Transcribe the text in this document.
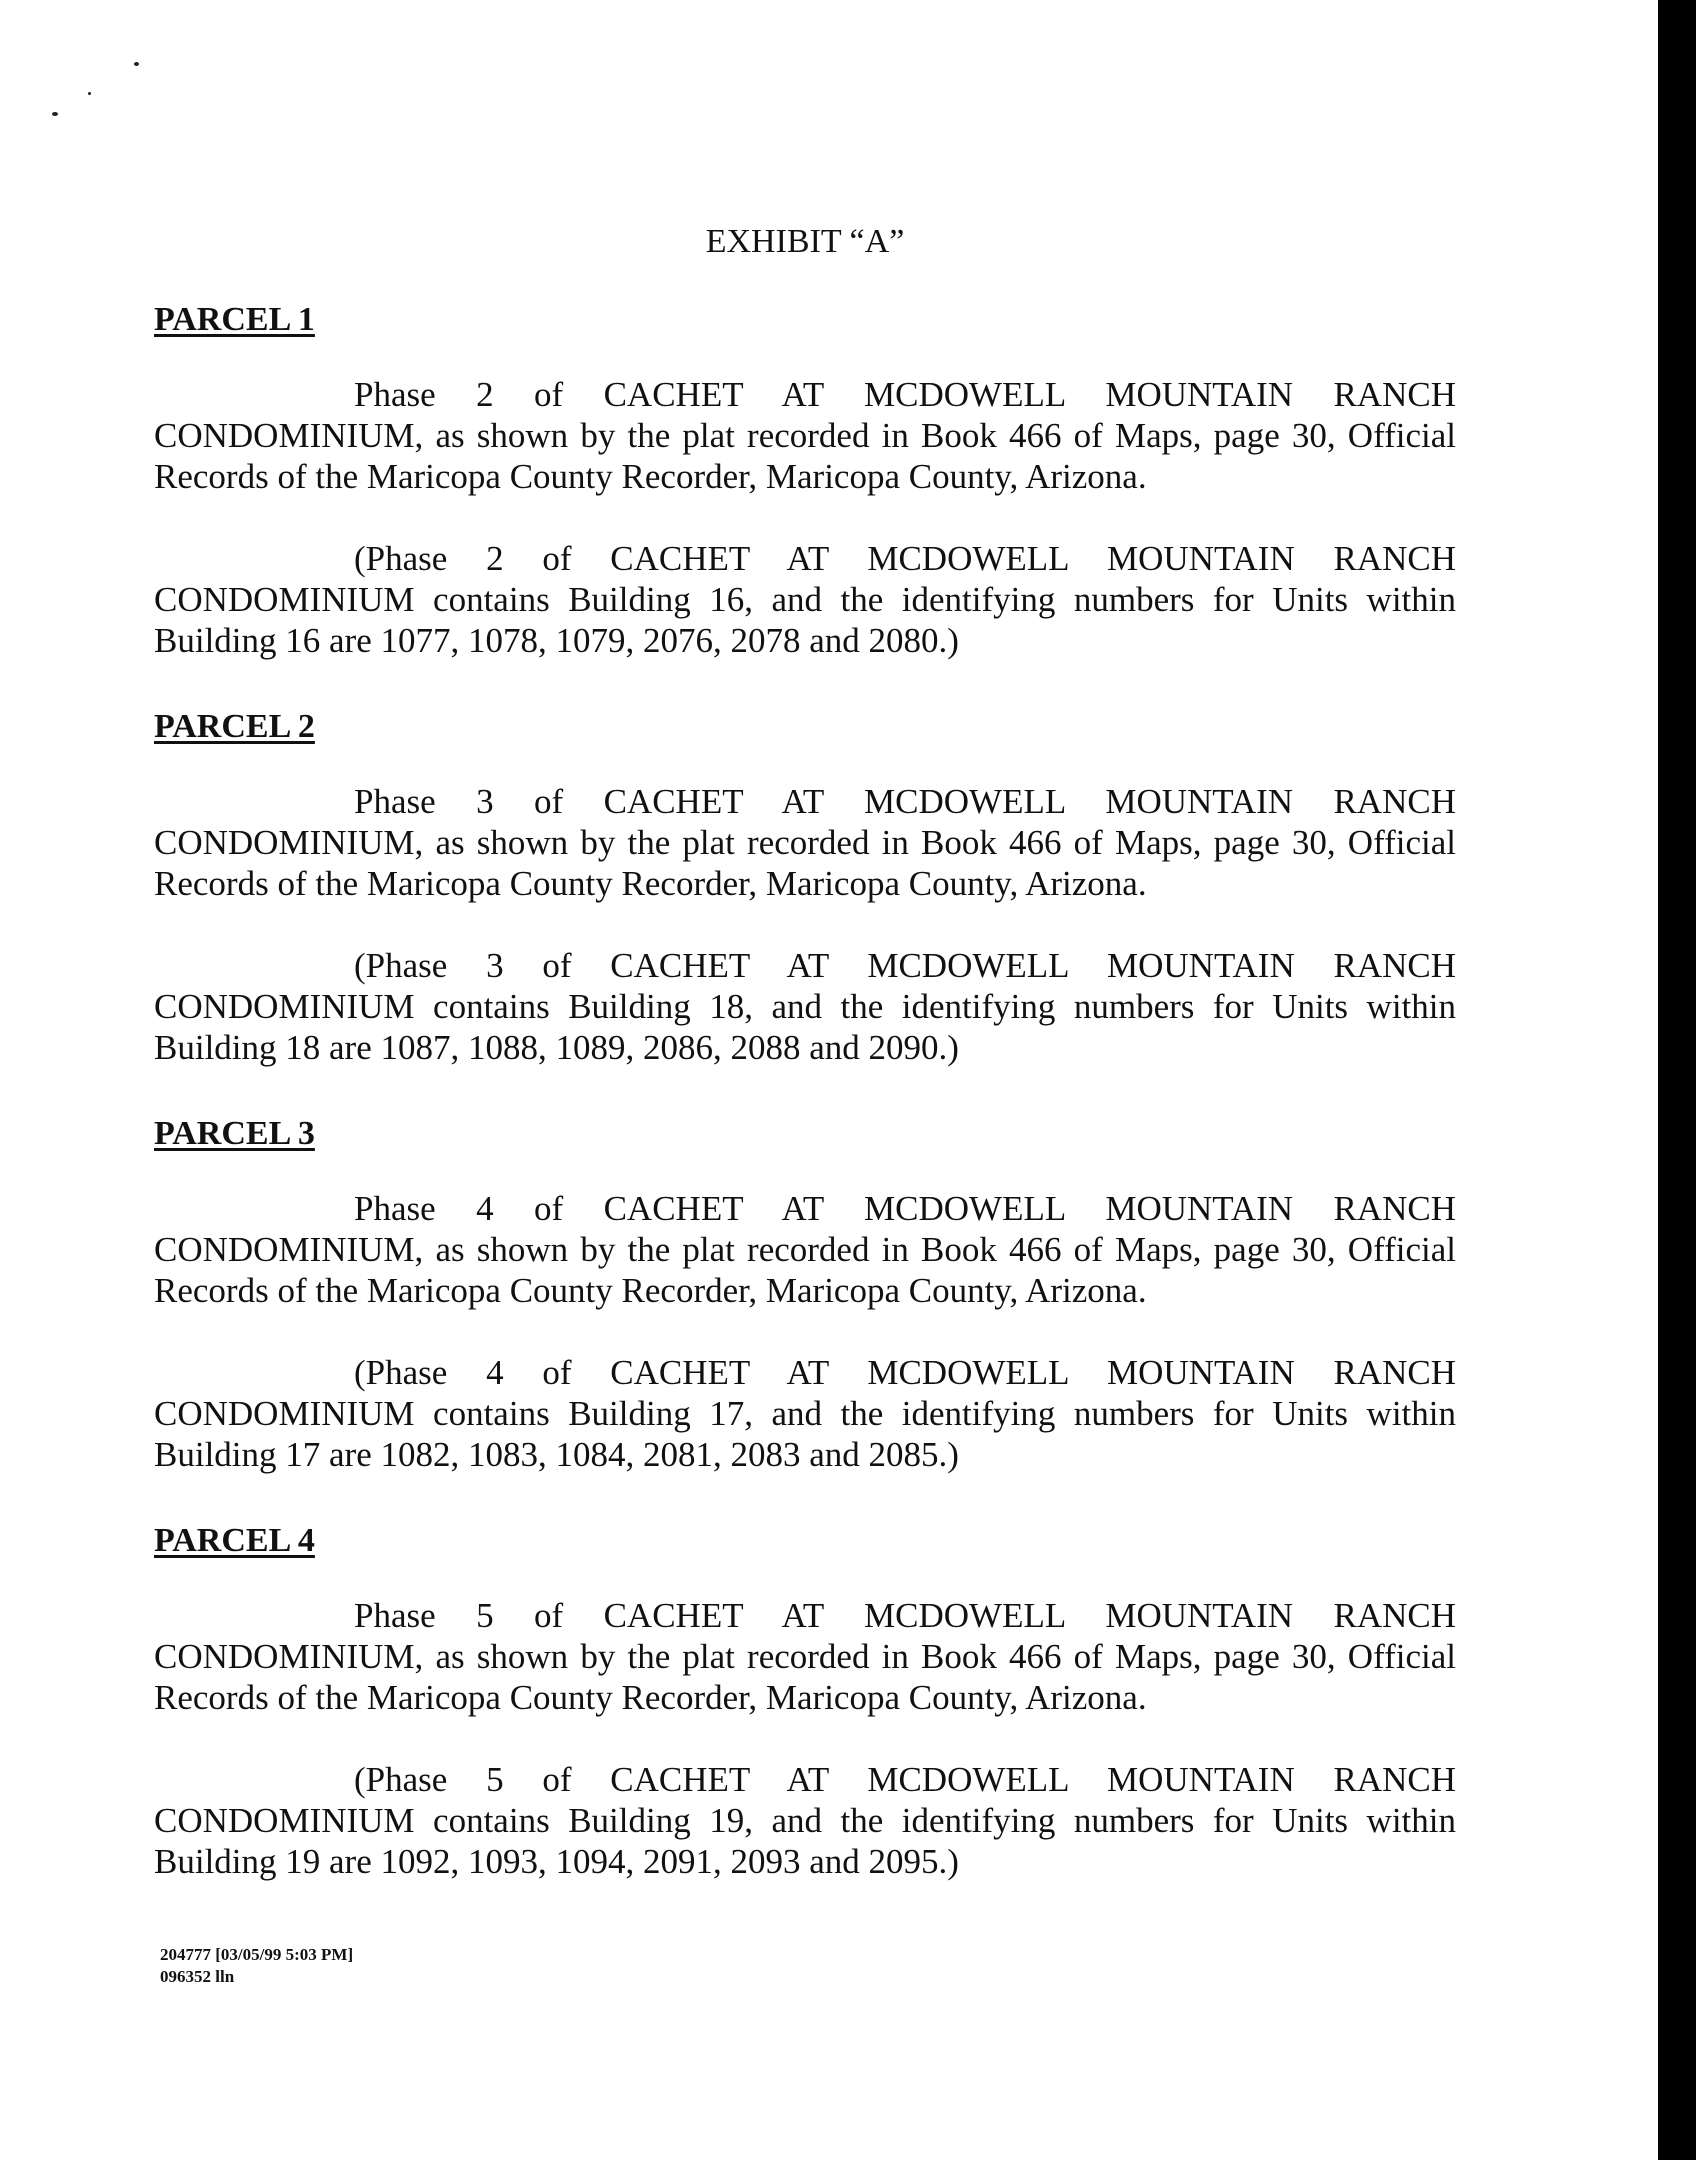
EXHIBIT “A”
PARCEL 1

Phase 2 of CACHET AT MCDOWELL MOUNTAIN RANCH CONDOMINIUM, as shown by the plat recorded in Book 466 of Maps, page 30, Official Records of the Maricopa County Recorder, Maricopa County, Arizona.

(Phase 2 of CACHET AT MCDOWELL MOUNTAIN RANCH CONDOMINIUM contains Building 16, and the identifying numbers for Units within Building 16 are 1077, 1078, 1079, 2076, 2078 and 2080.)

PARCEL 2

Phase 3 of CACHET AT MCDOWELL MOUNTAIN RANCH CONDOMINIUM, as shown by the plat recorded in Book 466 of Maps, page 30, Official Records of the Maricopa County Recorder, Maricopa County, Arizona.

(Phase 3 of CACHET AT MCDOWELL MOUNTAIN RANCH CONDOMINIUM contains Building 18, and the identifying numbers for Units within Building 18 are 1087, 1088, 1089, 2086, 2088 and 2090.)

PARCEL 3

Phase 4 of CACHET AT MCDOWELL MOUNTAIN RANCH CONDOMINIUM, as shown by the plat recorded in Book 466 of Maps, page 30, Official Records of the Maricopa County Recorder, Maricopa County, Arizona.

(Phase 4 of CACHET AT MCDOWELL MOUNTAIN RANCH CONDOMINIUM contains Building 17, and the identifying numbers for Units within Building 17 are 1082, 1083, 1084, 2081, 2083 and 2085.)

PARCEL 4

Phase 5 of CACHET AT MCDOWELL MOUNTAIN RANCH CONDOMINIUM, as shown by the plat recorded in Book 466 of Maps, page 30, Official Records of the Maricopa County Recorder, Maricopa County, Arizona.

(Phase 5 of CACHET AT MCDOWELL MOUNTAIN RANCH CONDOMINIUM contains Building 19, and the identifying numbers for Units within Building 19 are 1092, 1093, 1094, 2091, 2093 and 2095.)

204777 [03/05/99 5:03 PM]
096352 lln
